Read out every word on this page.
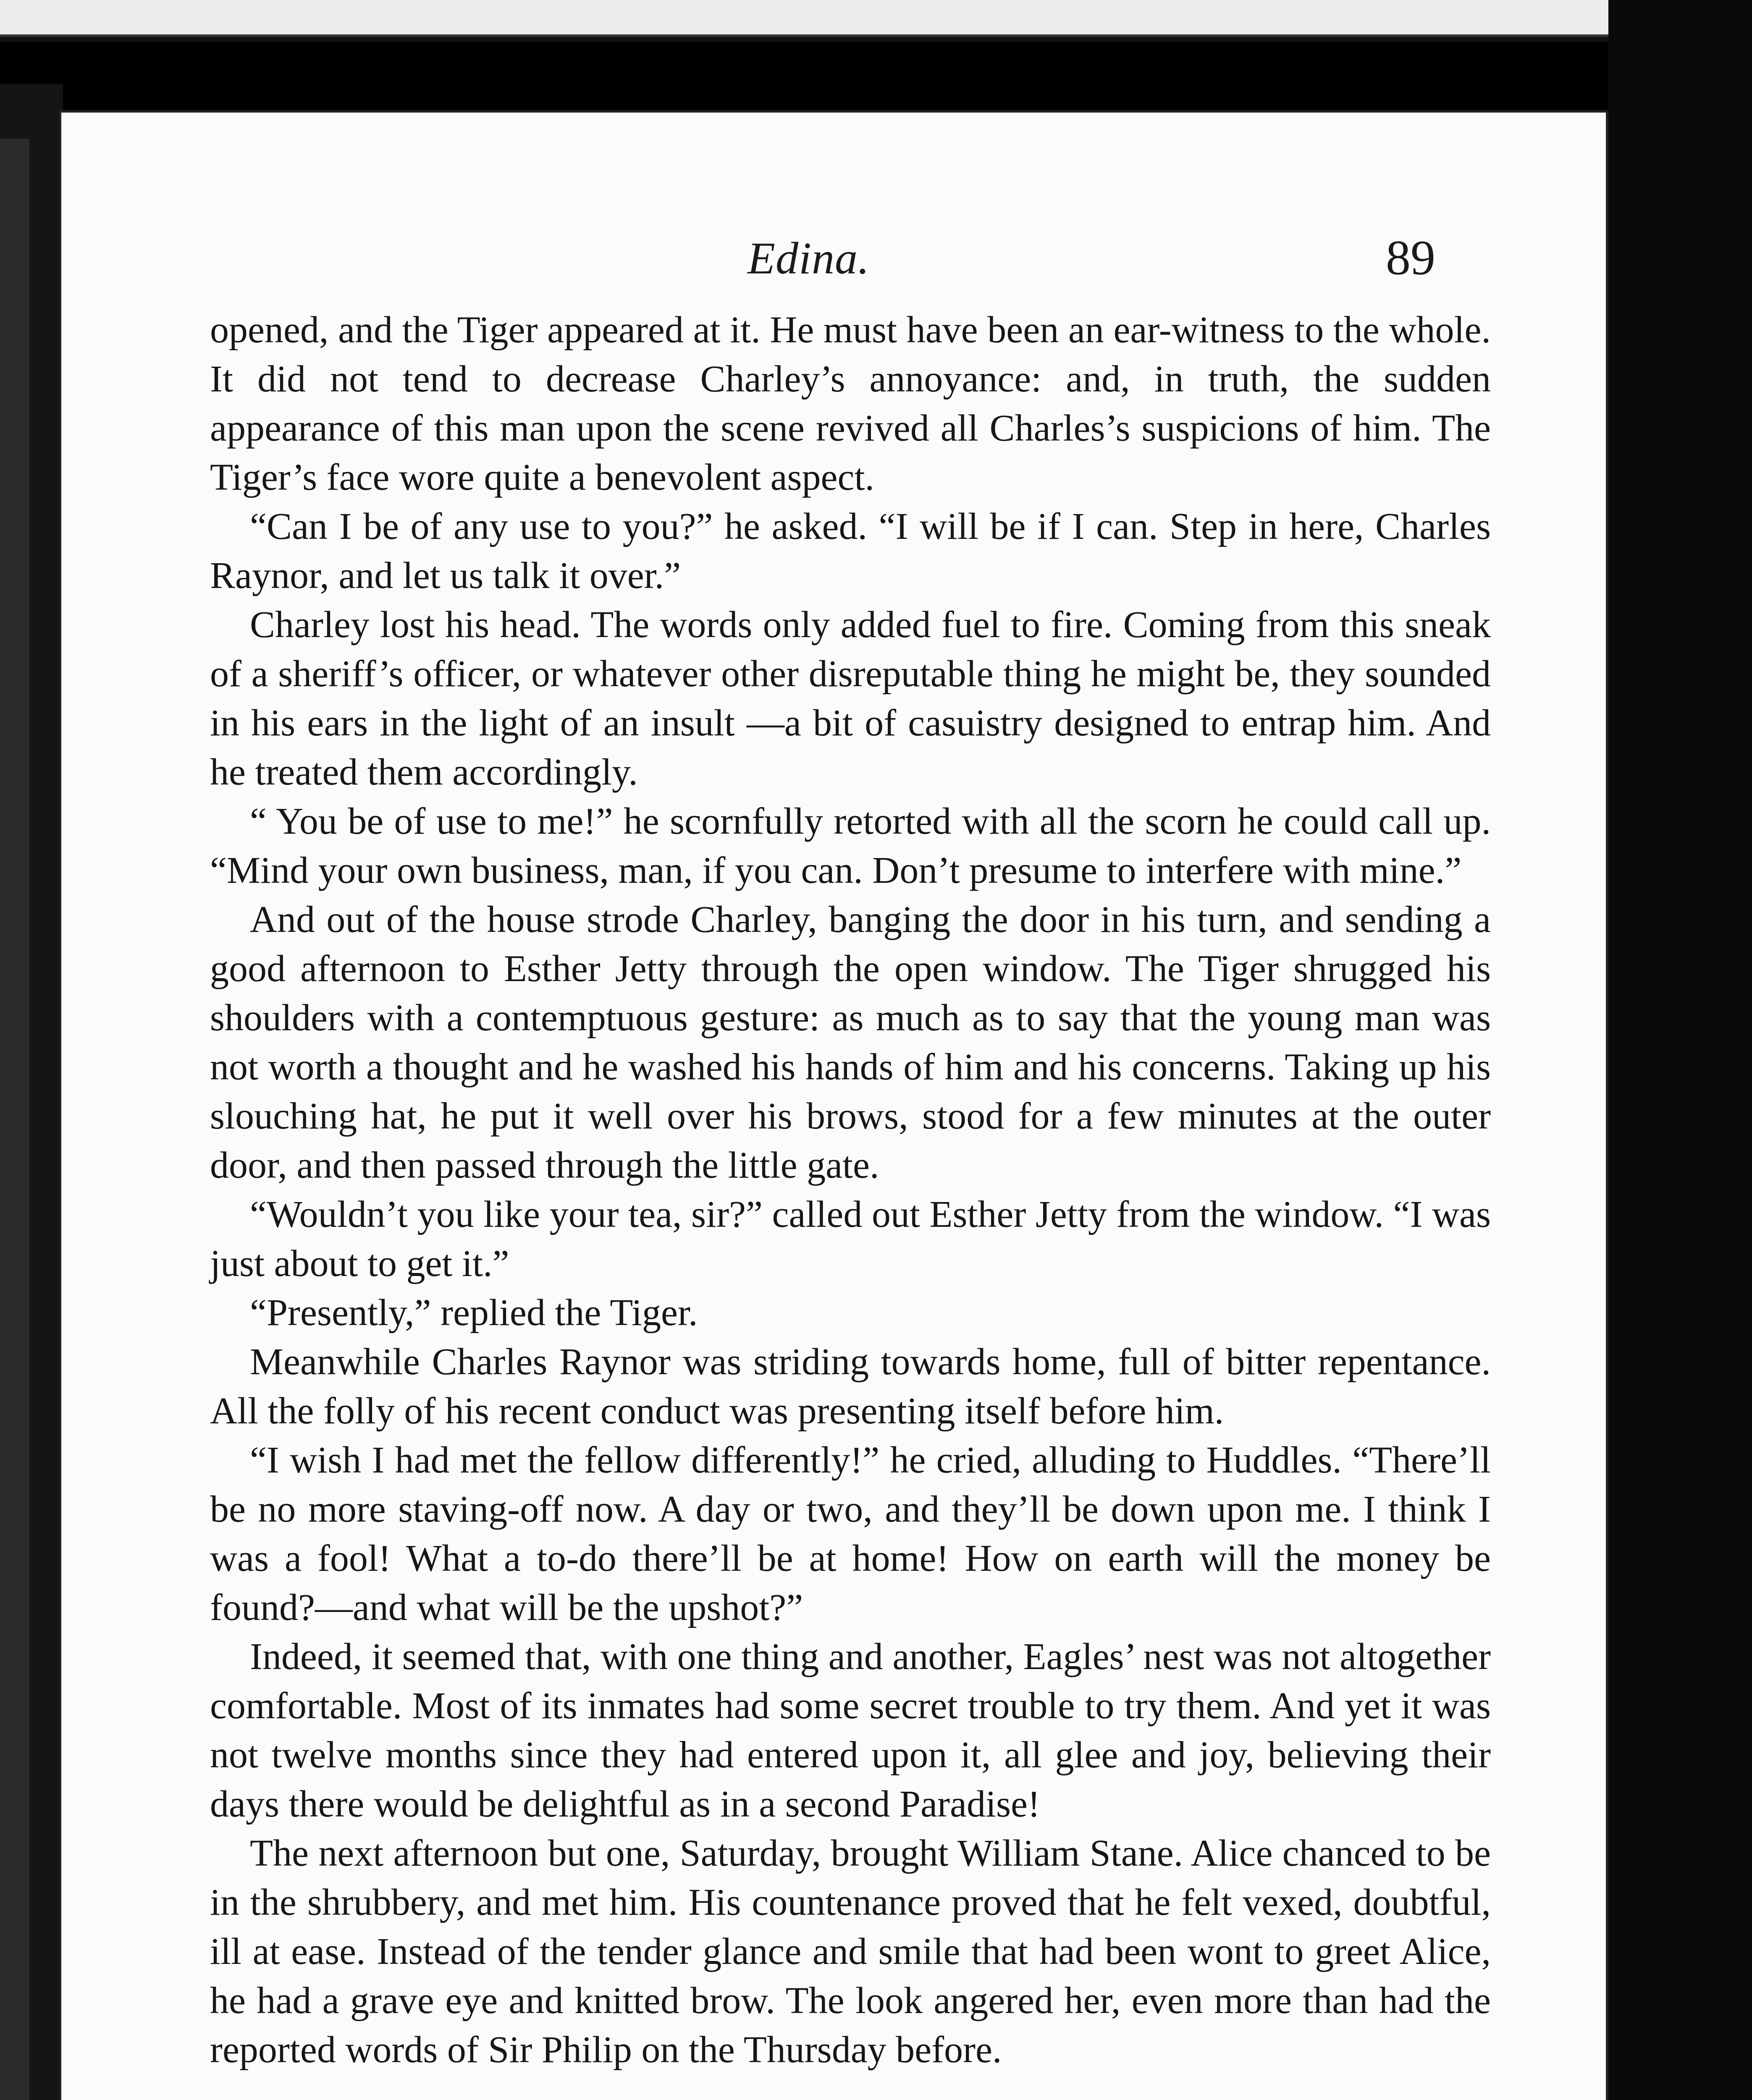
Edina.	89

opened, and the Tiger appeared at it. He must have been an ear-witness to the whole. It did not tend to decrease Charley’s annoyance: and, in truth, the sudden appearance of this man upon the scene revived all Charles’s suspicions of him. The Tiger’s face wore quite a benevolent aspect.

“Can I be of any use to you?” he asked. “I will be if I can. Step in here, Charles Raynor, and let us talk it over.”

Charley lost his head. The words only added fuel to fire. Coming from this sneak of a sheriff’s officer, or whatever other disreputable thing he might be, they sounded in his ears in the light of an insult —a bit of casuistry designed to entrap him. And he treated them accordingly.

“ You be of use to me!” he scornfully retorted with all the scorn he could call up. “Mind your own business, man, if you can. Don’t presume to interfere with mine.”

And out of the house strode Charley, banging the door in his turn, and sending a good afternoon to Esther Jetty through the open window. The Tiger shrugged his shoulders with a contemptuous gesture: as much as to say that the young man was not worth a thought and he washed his hands of him and his concerns. Taking up his slouching hat, he put it well over his brows, stood for a few minutes at the outer door, and then passed through the little gate.

“Wouldn’t you like your tea, sir?” called out Esther Jetty from the window. “I was just about to get it.”

“Presently,” replied the Tiger.

Meanwhile Charles Raynor was striding towards home, full of bitter repentance. All the folly of his recent conduct was presenting itself before him.

“I wish I had met the fellow differently!” he cried, alluding to Huddles. “There’ll be no more staving-off now. A day or two, and they’ll be down upon me. I think I was a fool! What a to-do there’ll be at home! How on earth will the money be found?—and what will be the upshot?”

Indeed, it seemed that, with one thing and another, Eagles’ nest was not altogether comfortable. Most of its inmates had some secret trouble to try them. And yet it was not twelve months since they had entered upon it, all glee and joy, believing their days there would be delightful as in a second Paradise!

The next afternoon but one, Saturday, brought William Stane. Alice chanced to be in the shrubbery, and met him. His countenance proved that he felt vexed, doubtful, ill at ease. Instead of the tender glance and smile that had been wont to greet Alice, he had a grave eye and knitted brow. The look angered her, even more than had the reported words of Sir Philip on the Thursday before.
